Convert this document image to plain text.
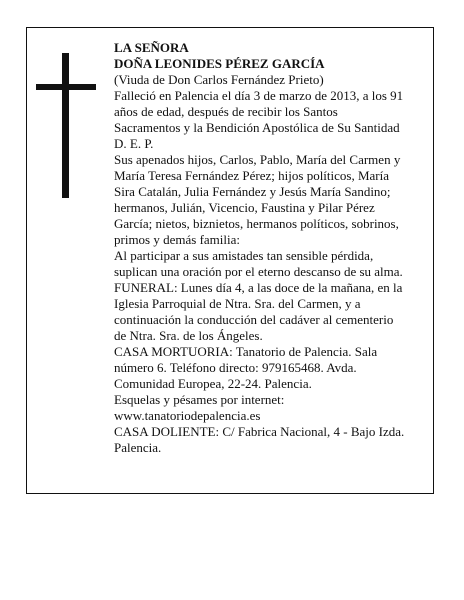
LA SEÑORA
DOÑA LEONIDES PÉREZ GARCÍA
(Viuda de Don Carlos Fernández Prieto)
Falleció en Palencia el día 3 de marzo de 2013, a los 91
años de edad, después de recibir los Santos
Sacramentos y la Bendición Apostólica de Su Santidad
D. E. P.
Sus apenados hijos, Carlos, Pablo, María del Carmen y
María Teresa Fernández Pérez; hijos políticos, María
Sira Catalán, Julia Fernández y Jesús María Sandino;
hermanos, Julián, Vicencio, Faustina y Pilar Pérez
García; nietos, biznietos, hermanos políticos, sobrinos,
primos y demás familia:
Al participar a sus amistades tan sensible pérdida,
suplican una oración por el eterno descanso de su alma.
FUNERAL: Lunes día 4, a las doce de la mañana, en la
Iglesia Parroquial de Ntra. Sra. del Carmen, y a
continuación la conducción del cadáver al cementerio
de Ntra. Sra. de los Ángeles.
CASA MORTUORIA: Tanatorio de Palencia. Sala
número 6. Teléfono directo: 979165468. Avda.
Comunidad Europea, 22-24. Palencia.
Esquelas y pésames por internet:
www.tanatoriodepalencia.es
CASA DOLIENTE: C/ Fabrica Nacional, 4 - Bajo Izda.
Palencia.
